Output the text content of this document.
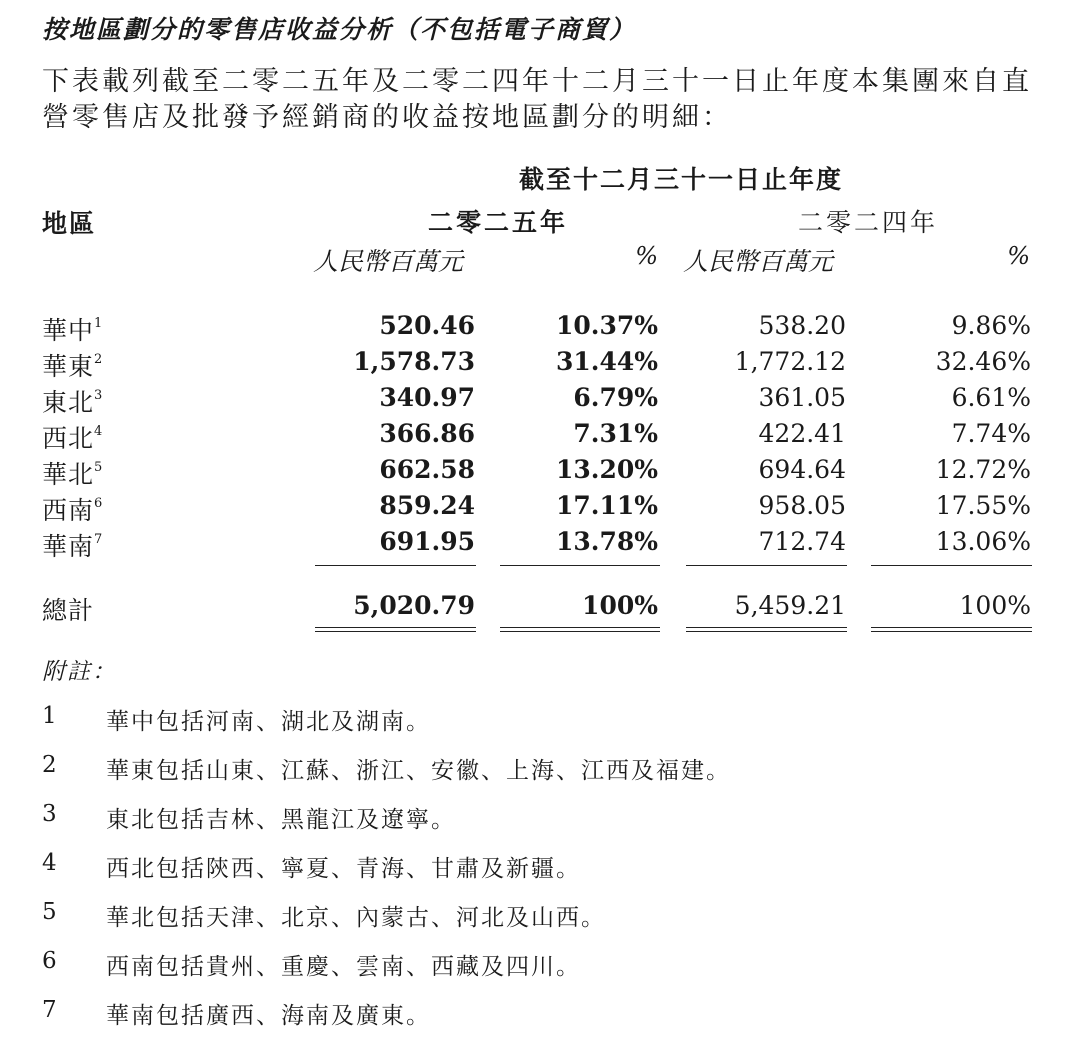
按地區劃分的零售店收益分析（不包括電子商貿）
下表載列截至二零二五年及二零二四年十二月三十一日止年度本集團來自直營零售店及批發予經銷商的收益按地區劃分的明細：
截至十二月三十一日止年度
地區	二零二五年	二零二四年
人民幣百萬元	% 人民幣百萬元	%
華中$^1$	520.46	10.37%	538.20	9.86%
華東$^2$	1,578.73	31.44%	1,772.12	32.46%
東北$^3$	340.97	6.79%	361.05	6.61%
西北$^4$	366.86	7.31%	422.41	7.74%
華北$^5$	662.58	13.20%	694.64	12.72%
西南$^6$	859.24	17.11%	958.05	17.55%
華南$^7$	691.95	13.78%	712.74	13.06%
總計	5,020.79	100%	5,459.21	100%
附註：
1 華中包括河南、湖北及湖南。
2 華東包括山東、江蘇、浙江、安徽、上海、江西及福建。
3 東北包括吉林、黑龍江及遼寧。
4 西北包括陝西、寧夏、青海、甘肅及新疆。
5 華北包括天津、北京、內蒙古、河北及山西。
6 西南包括貴州、重慶、雲南、西藏及四川。
7 華南包括廣西、海南及廣東。
